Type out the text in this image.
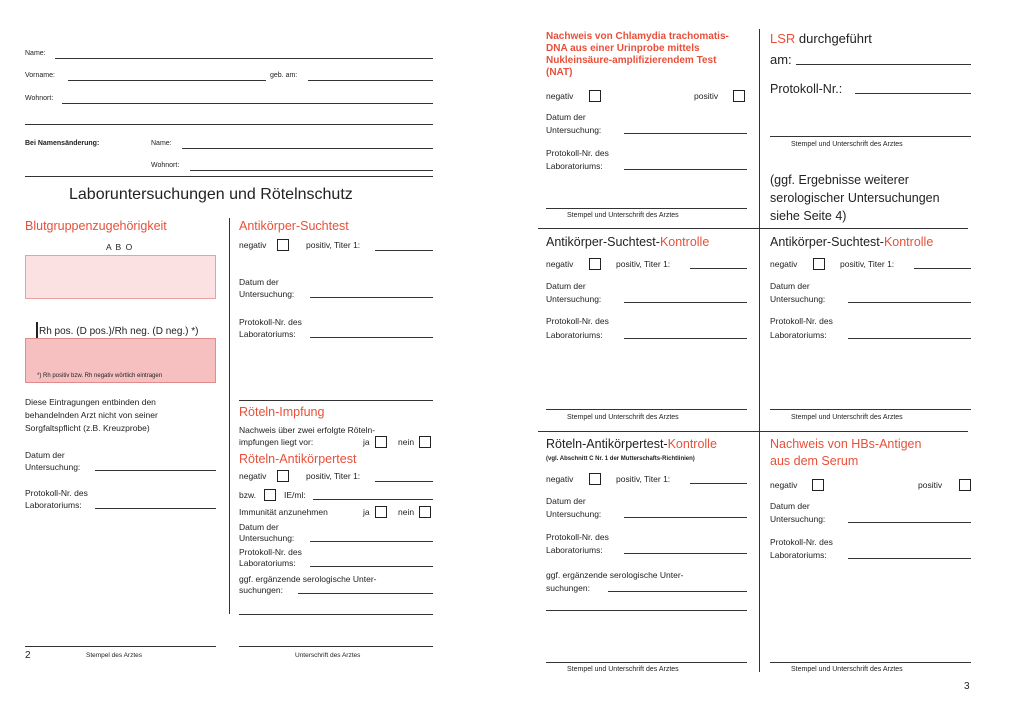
Name:
Vorname:	geb. am:
Wohnort:
Bei Namensänderung:	Name:
Wohnort:
Laboruntersuchungen und Rötelnschutz
Blutgruppenzugehörigkeit
A B O
Rh pos. (D pos.)/Rh neg. (D neg.) *)
*) Rh positiv bzw. Rh negativ wörtlich eintragen
Diese Eintragungen entbinden den
behandelnden Arzt nicht von seiner
Sorgfaltspflicht (z.B. Kreuzprobe)
Datum der
Untersuchung:
Protokoll-Nr. des
Laboratoriums:
2	Stempel des Arztes
Antikörper-Suchtest
negativ	positiv, Titer 1:
Datum der
Untersuchung:
Protokoll-Nr. des
Laboratoriums:
Röteln-Impfung
Nachweis über zwei erfolgte Röteln-
impfungen liegt vor:	ja	nein
Röteln-Antikörpertest
negativ	positiv, Titer 1:
bzw.	IE/ml:
Immunität anzunehmen	ja	nein
Datum der
Untersuchung:
Protokoll-Nr. des
Laboratoriums:
ggf. ergänzende serologische Unter-
suchungen:
Unterschrift des Arztes
Nachweis von Chlamydia trachomatis-
DNA aus einer Urinprobe mittels
Nukleinsäure-amplifizierendem Test
(NAT)
negativ	positiv
Datum der
Untersuchung:
Protokoll-Nr. des
Laboratoriums:
Stempel und Unterschrift des Arztes
LSR durchgeführt
am:
Protokoll-Nr.:
Stempel und Unterschrift des Arztes
(ggf. Ergebnisse weiterer
serologischer Untersuchungen
siehe Seite 4)
Antikörper-Suchtest-Kontrolle
negativ	positiv, Titer 1:
Datum der
Untersuchung:
Protokoll-Nr. des
Laboratoriums:
Stempel und Unterschrift des Arztes
Antikörper-Suchtest-Kontrolle
negativ	positiv, Titer 1:
Datum der
Untersuchung:
Protokoll-Nr. des
Laboratoriums:
Stempel und Unterschrift des Arztes
Röteln-Antikörpertest-Kontrolle
(vgl. Abschnitt C Nr. 1 der Mutterschafts-Richtlinien)
negativ	positiv, Titer 1:
Datum der
Untersuchung:
Protokoll-Nr. des
Laboratoriums:
ggf. ergänzende serologische Unter-
suchungen:
Stempel und Unterschrift des Arztes
Nachweis von HBs-Antigen
aus dem Serum
negativ	positiv
Datum der
Untersuchung:
Protokoll-Nr. des
Laboratoriums:
Stempel und Unterschrift des Arztes
3
